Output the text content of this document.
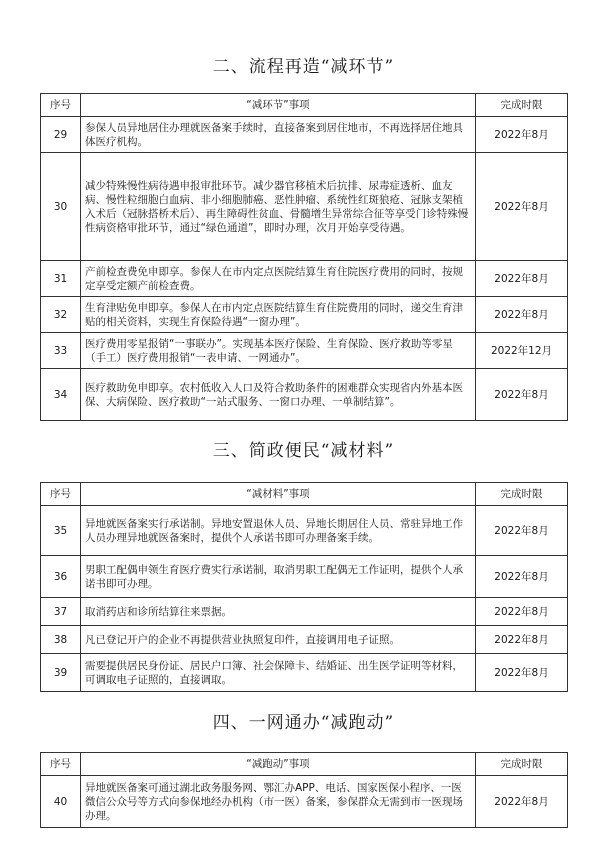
二、流程再造“减环节”
序号	“减环节”事项	完成时限
29	参保人员异地居住办理就医备案手续时，直接备案到居住地市，不再选择居住地具体医疗机构。	2022年8月
30	减少特殊慢性病待遇申报审批环节。减少器官移植术后抗排、尿毒症透析、血友病、慢性粒细胞白血病、非小细胞肺癌、恶性肿瘤、系统性红斑狼疮、冠脉支架植入术后（冠脉搭桥术后）、再生障碍性贫血、骨髓增生异常综合征等享受门诊特殊慢性病资格审批环节，通过“绿色通道”，即时办理，次月开始享受待遇。	2022年8月
31	产前检查费免申即享。参保人在市内定点医院结算生育住院医疗费用的同时，按规定享受定额产前检查费。	2022年8月
32	生育津贴免申即享。参保人在市内定点医院结算生育住院费用的同时，递交生育津贴的相关资料，实现生育保险待遇“一窗办理”。	2022年8月
33	医疗费用零星报销“一事联办”。实现基本医疗保险、生育保险、医疗救助等零星（手工）医疗费用报销“一表申请、一网通办”。	2022年12月
34	医疗救助免申即享。农村低收入人口及符合救助条件的困难群众实现省内外基本医保、大病保险、医疗救助“一站式服务、一窗口办理、一单制结算”。	2022年8月
三、简政便民“减材料”
序号	“减材料”事项	完成时限
35	异地就医备案实行承诺制。异地安置退休人员、异地长期居住人员、常驻异地工作人员办理异地就医备案时，提供个人承诺书即可办理备案手续。	2022年8月
36	男职工配偶申领生育医疗费实行承诺制，取消男职工配偶无工作证明，提供个人承诺书即可办理。	2022年8月
37	取消药店和诊所结算往来票据。	2022年8月
38	凡已登记开户的企业不再提供营业执照复印件，直接调用电子证照。	2022年8月
39	需要提供居民身份证、居民户口簿、社会保障卡、结婚证、出生医学证明等材料，可调取电子证照的，直接调取。	2022年8月
四、一网通办“减跑动”
序号	“减跑动”事项	完成时限
40	异地就医备案可通过湖北政务服务网、鄂汇办APP、电话、国家医保小程序、一医微信公众号等方式向参保地经办机构（市一医）备案，参保群众无需到市一医现场办理。	2022年8月
